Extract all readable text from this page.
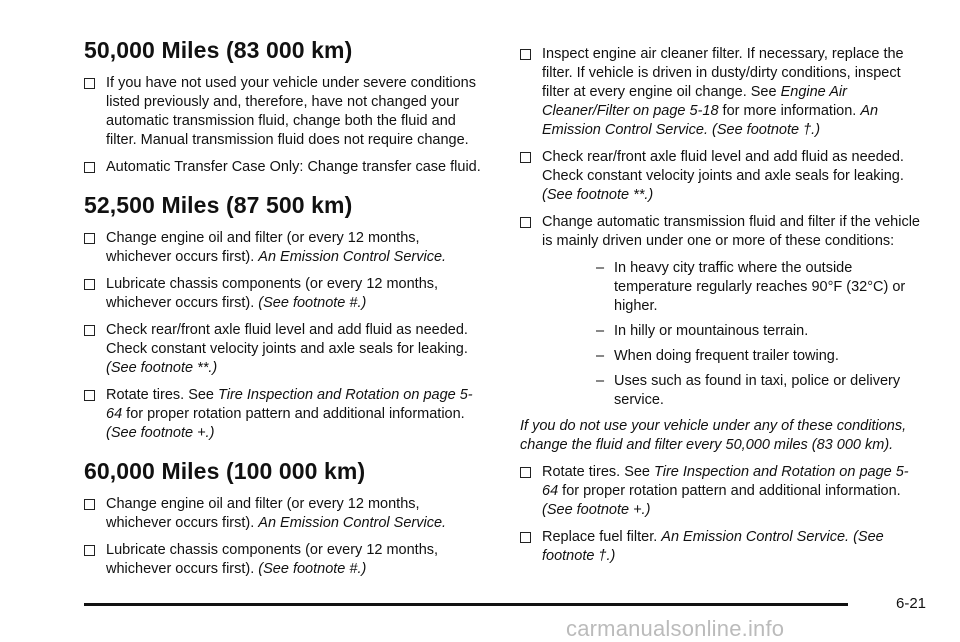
50,000 Miles (83 000 km)
If you have not used your vehicle under severe conditions listed previously and, therefore, have not changed your automatic transmission fluid, change both the fluid and filter. Manual transmission fluid does not require change.
Automatic Transfer Case Only: Change transfer case fluid.
52,500 Miles (87 500 km)
Change engine oil and filter (or every 12 months, whichever occurs first). An Emission Control Service.
Lubricate chassis components (or every 12 months, whichever occurs first). (See footnote #.)
Check rear/front axle fluid level and add fluid as needed. Check constant velocity joints and axle seals for leaking. (See footnote **.)
Rotate tires. See Tire Inspection and Rotation on page 5-64 for proper rotation pattern and additional information. (See footnote +.)
60,000 Miles (100 000 km)
Change engine oil and filter (or every 12 months, whichever occurs first). An Emission Control Service.
Lubricate chassis components (or every 12 months, whichever occurs first). (See footnote #.)
Inspect engine air cleaner filter. If necessary, replace the filter. If vehicle is driven in dusty/dirty conditions, inspect filter at every engine oil change. See Engine Air Cleaner/Filter on page 5-18 for more information. An Emission Control Service. (See footnote †.)
Check rear/front axle fluid level and add fluid as needed. Check constant velocity joints and axle seals for leaking. (See footnote **.)
Change automatic transmission fluid and filter if the vehicle is mainly driven under one or more of these conditions:
– In heavy city traffic where the outside temperature regularly reaches 90°F (32°C) or higher.
– In hilly or mountainous terrain.
– When doing frequent trailer towing.
– Uses such as found in taxi, police or delivery service.
If you do not use your vehicle under any of these conditions, change the fluid and filter every 50,000 miles (83 000 km).
Rotate tires. See Tire Inspection and Rotation on page 5-64 for proper rotation pattern and additional information. (See footnote +.)
Replace fuel filter. An Emission Control Service. (See footnote †.)
6-21
carmanualsonline.info
